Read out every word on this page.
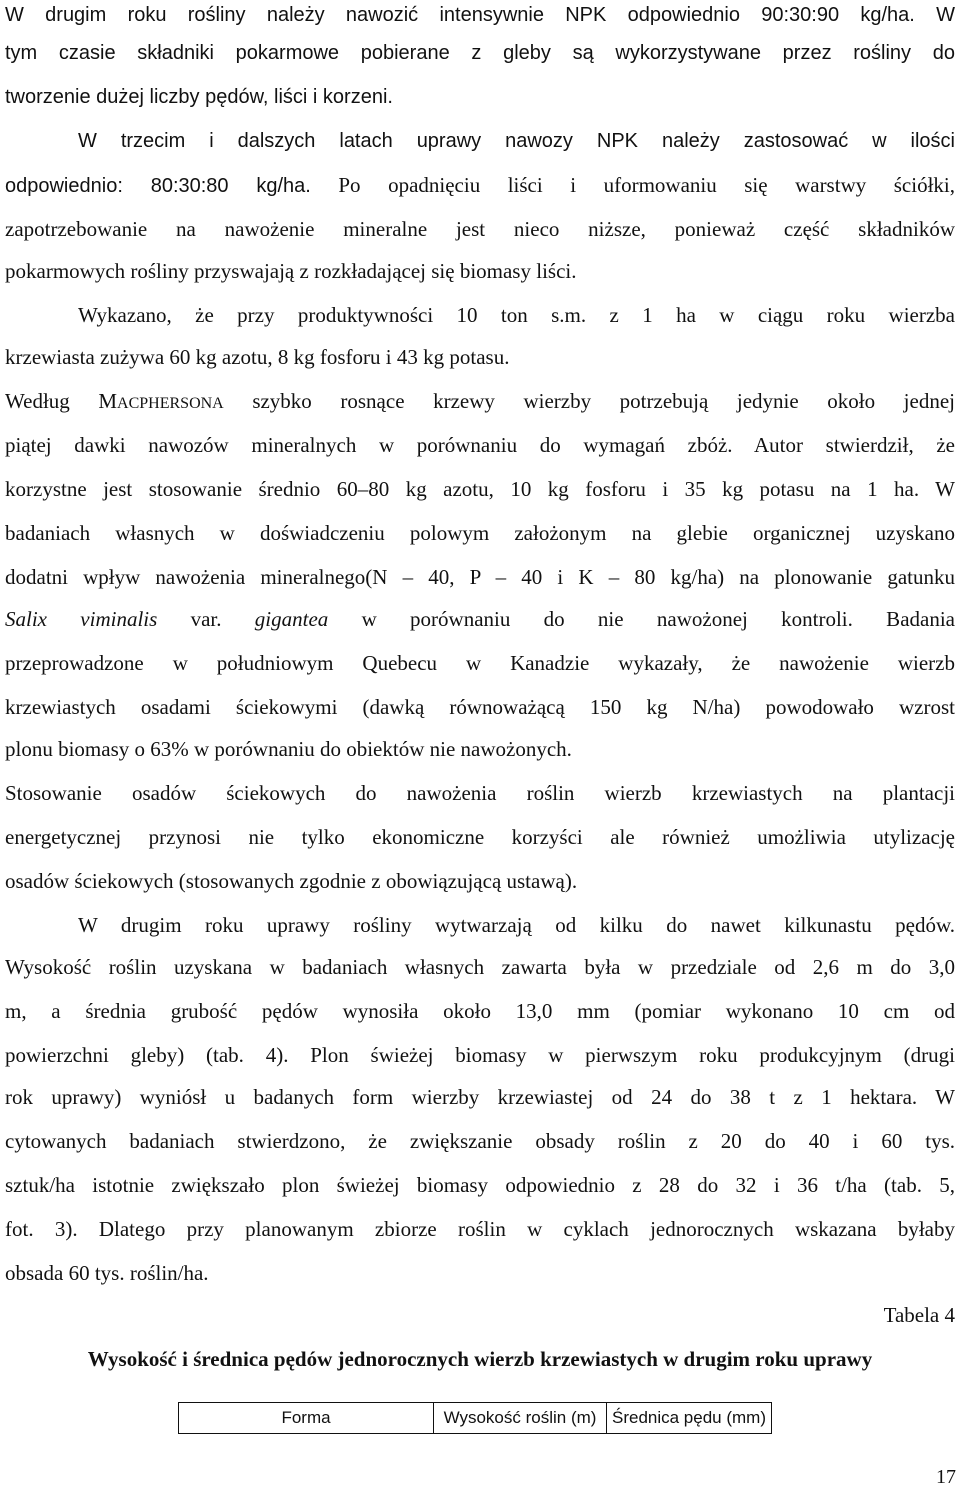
W drugim roku rośliny należy nawozić intensywnie NPK odpowiednio 90:30:90 kg/ha. W
tym czasie składniki pokarmowe pobierane z gleby są wykorzystywane przez rośliny do
tworzenie dużej liczby pędów, liści i korzeni.
W trzecim i dalszych latach uprawy nawozy NPK należy zastosować w ilości
odpowiednio: 80:30:80 kg/ha. Po opadnięciu liści i uformowaniu się warstwy ściółki,
zapotrzebowanie na nawożenie mineralne jest nieco niższe, ponieważ część składników
pokarmowych rośliny przyswajają z rozkładającej się biomasy liści.
Wykazano, że przy produktywności 10 ton s.m. z 1 ha w ciągu roku wierzba
krzewiasta zużywa 60 kg azotu, 8 kg fosforu i 43 kg potasu.
Według MACPHERSONA szybko rosnące krzewy wierzby potrzebują jedynie około jednej
piątej dawki nawozów mineralnych w porównaniu do wymagań zbóż. Autor stwierdził, że
korzystne jest stosowanie średnio 60–80 kg azotu, 10 kg fosforu i 35 kg potasu na 1 ha. W
badaniach własnych w doświadczeniu polowym założonym na glebie organicznej uzyskano
dodatni wpływ nawożenia mineralnego(N – 40, P – 40 i K – 80 kg/ha) na plonowanie gatunku
Salix viminalis var. gigantea w porównaniu do nie nawożonej kontroli. Badania
przeprowadzone w południowym Quebecu w Kanadzie wykazały, że nawożenie wierzb
krzewiastych osadami ściekowymi (dawką równoważącą 150 kg N/ha) powodowało wzrost
plonu biomasy o 63% w porównaniu do obiektów nie nawożonych.
Stosowanie osadów ściekowych do nawożenia roślin wierzb krzewiastych na plantacji
energetycznej przynosi nie tylko ekonomiczne korzyści ale również umożliwia utylizację
osadów ściekowych (stosowanych zgodnie z obowiązującą ustawą).
W drugim roku uprawy rośliny wytwarzają od kilku do nawet kilkunastu pędów.
Wysokość roślin uzyskana w badaniach własnych zawarta była w przedziale od 2,6 m do 3,0
m, a średnia grubość pędów wynosiła około 13,0 mm (pomiar wykonano 10 cm od
powierzchni gleby) (tab. 4). Plon świeżej biomasy w pierwszym roku produkcyjnym (drugi
rok uprawy) wyniósł u badanych form wierzby krzewiastej od 24 do 38 t z 1 hektara. W
cytowanych badaniach stwierdzono, że zwiększanie obsady roślin z 20 do 40 i 60 tys.
sztuk/ha istotnie zwiększało plon świeżej biomasy odpowiednio z 28 do 32 i 36 t/ha (tab. 5,
fot. 3). Dlatego przy planowanym zbiorze roślin w cyklach jednorocznych wskazana byłaby
obsada 60 tys. roślin/ha.
Tabela 4
Wysokość i średnica pędów jednorocznych wierzb krzewiastych w drugim roku uprawy
Forma	Wysokość roślin (m)	Średnica pędu (mm)
17
